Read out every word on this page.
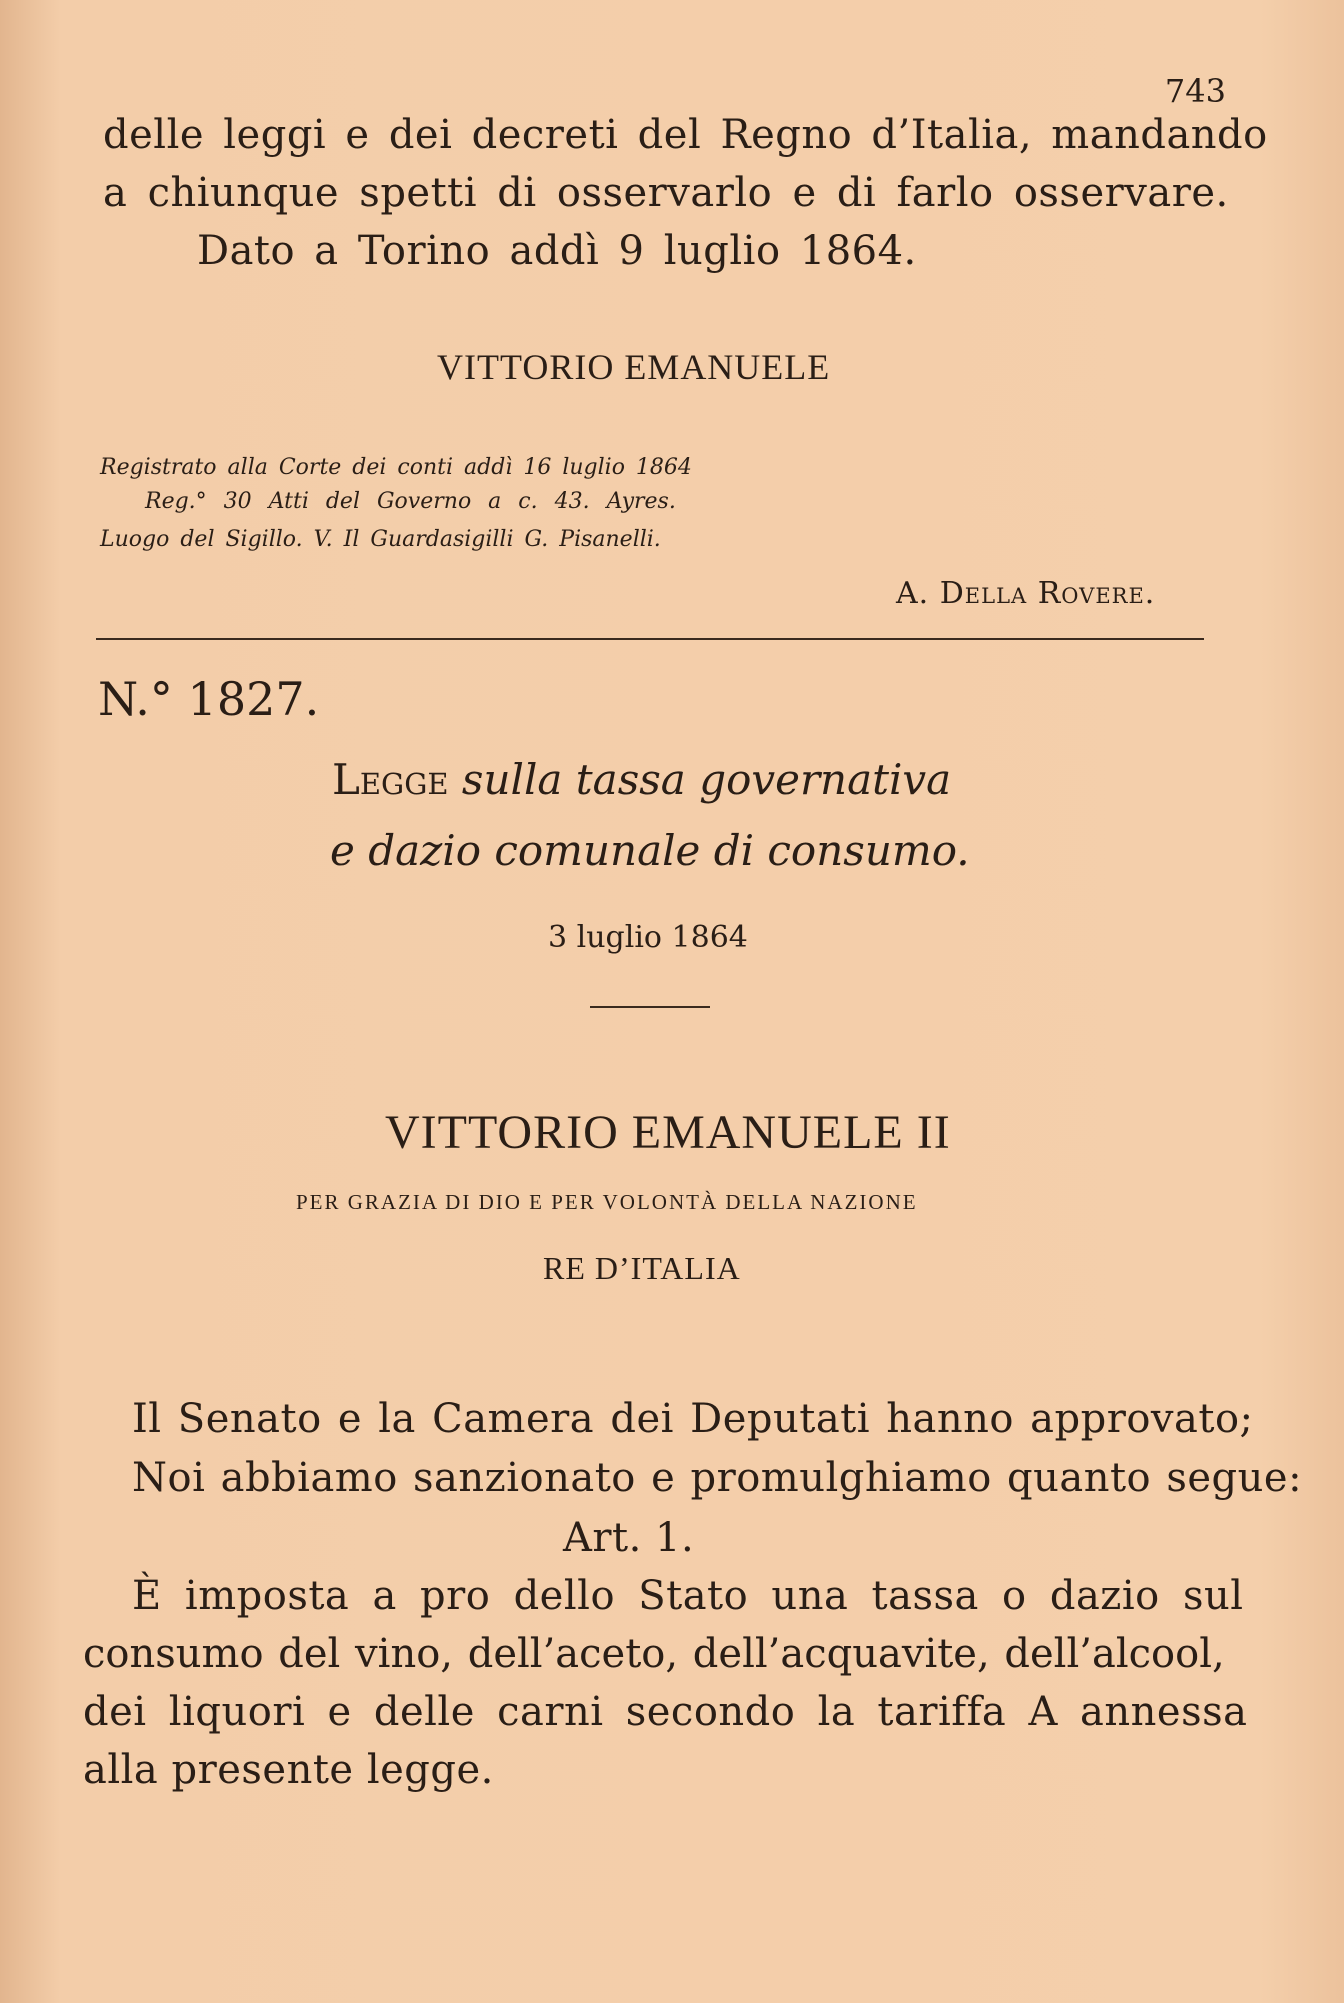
743
delle leggi e dei decreti del Regno d’Italia, mandando
a chiunque spetti di osservarlo e di farlo osservare.
Dato a Torino addì 9 luglio 1864.
VITTORIO EMANUELE
Registrato alla Corte dei conti addì 16 luglio 1864
Reg.° 30 Atti del Governo a c. 43. Ayres.
Luogo del Sigillo. V. Il Guardasigilli G. Pisanelli.
A. Della Rovere.
N.° 1827.
Legge sulla tassa governativa
e dazio comunale di consumo.
3 luglio 1864
VITTORIO EMANUELE II
PER GRAZIA DI DIO E PER VOLONTÀ DELLA NAZIONE
RE D’ITALIA
Il Senato e la Camera dei Deputati hanno approvato;
Noi abbiamo sanzionato e promulghiamo quanto segue:
Art. 1.
È imposta a pro dello Stato una tassa o dazio sul
consumo del vino, dell’aceto, dell’acquavite, dell’alcool,
dei liquori e delle carni secondo la tariffa A annessa
alla presente legge.
